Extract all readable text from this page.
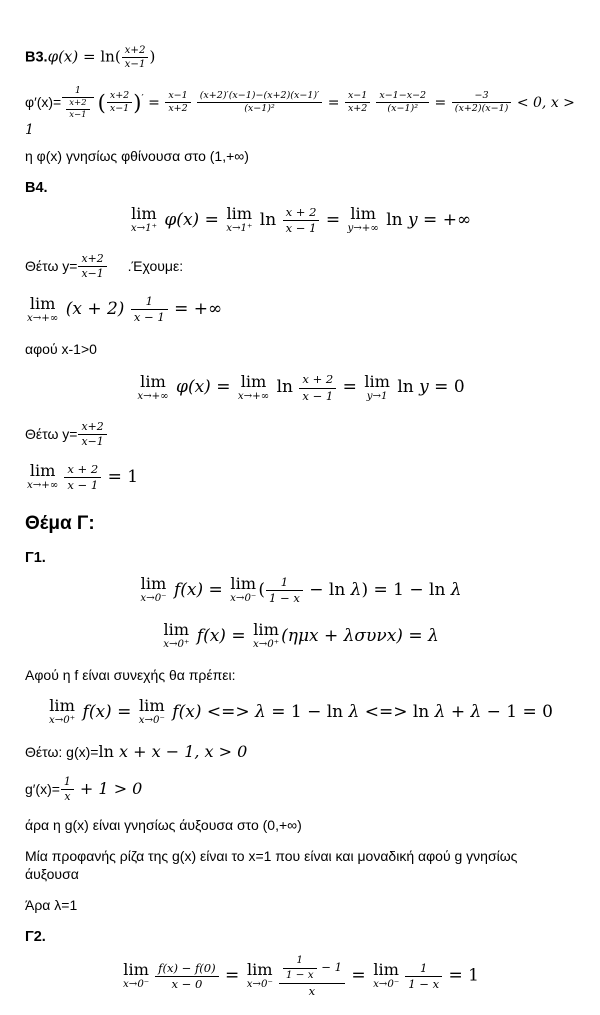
$B3.\varphi(x) = \ln( \frac{x+2}{x-1}$ )
$\varphi'(x)= \frac{1}{\frac{x+2}{x-1}}$ ( $\frac{x+2}{x-1} )' = \frac{x-1}{x+2} \frac{(x+2)'(x-1)-(x+2)(x-1)'}{\text{(x−1)²}} = \frac{x-1}{x+2} \frac{x-1-x-2}{\text{(x−1)²}} = \frac{-3}{(x+2)(x-1)} < 0$, x > 1
η φ(x) γνησίως φθίνουσα στο (1,+∞)
B4.
lim
x→1⁺ φ(x) = lim
x→1⁺ $\ln \frac{x + 2}{x - 1} = \lim$
y→+∞ ln y = +∞
Θέτω $y= \frac{x+2}{x-1} .Έ\chi o\upsilon\mu\varepsilon$:
lim
x→+∞ $(x + 2) \frac{1}{x - 1}$ = +∞
αφού x-1>0
lim
x→+∞ φ(x) = lim
x→+∞ $\ln \frac{x + 2}{x - 1} = \lim$
y→1 ln y = 0
Θέτω $y= \frac{x+2}{x-1}$
lim
$x\to+\infty \frac{x + 2}{x - 1} = 1$
Θέμα Γ:
Γ1.
lim
x→0⁻ f(x) = lim
x→0⁻ ( $\frac{1}{1 - x} - \ln \lambda) = 1 - \ln \lambda$
lim
x→0⁺ f(x) = lim
x→0⁺ (ημx + λσυνx) = λ
Αφού η f είναι συνεχής θα πρέπει:
lim
x→0⁺ f(x) = lim
x→0⁻ f(x) <=> λ = 1 − ln λ <=> ln λ + λ − 1 = 0
Θέτω: g(x)=ln x + x − 1, x > 0
$g'(x)= \frac{1}{x} + 1 > 0$
άρα η g(x) είναι γνησίως άυξουσα στο (0,+∞)
Μία προφανής ρίζα της g(x) είναι το x=1 που είναι και μοναδική αφού g γνησίως άυξουσα
Άρα λ=1
Γ2.
lim
$x\to 0^- \frac{f(x) - f(0)}{x - 0} = \lim$
$x\to 0^- \frac{\frac{1}{1 - x} - 1}{x} = \lim$
$x\to 0^- \frac{1}{1 - x} = 1$
